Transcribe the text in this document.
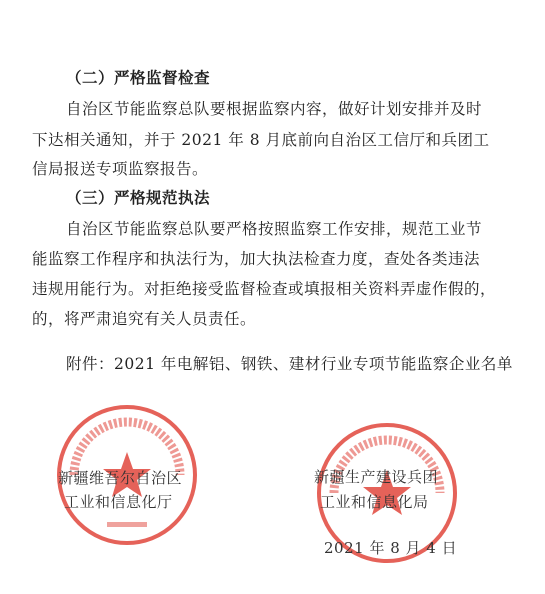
（二）严格监督检查
自治区节能监察总队要根据监察内容，做好计划安排并及时
下达相关通知，并于 2021 年 8 月底前向自治区工信厅和兵团工
信局报送专项监察报告。
（三）严格规范执法
自治区节能监察总队要严格按照监察工作安排，规范工业节
能监察工作程序和执法行为，加大执法检查力度，查处各类违法
违规用能行为。对拒绝接受监督检查或填报相关资料弄虚作假的，
的，将严肃追究有关人员责任。
附件：2021 年电解铝、钢铁、建材行业专项节能监察企业名单
新疆维吾尔自治区
工业和信息化厅
新疆生产建设兵团
工业和信息化局
2021 年 8 月 4 日
